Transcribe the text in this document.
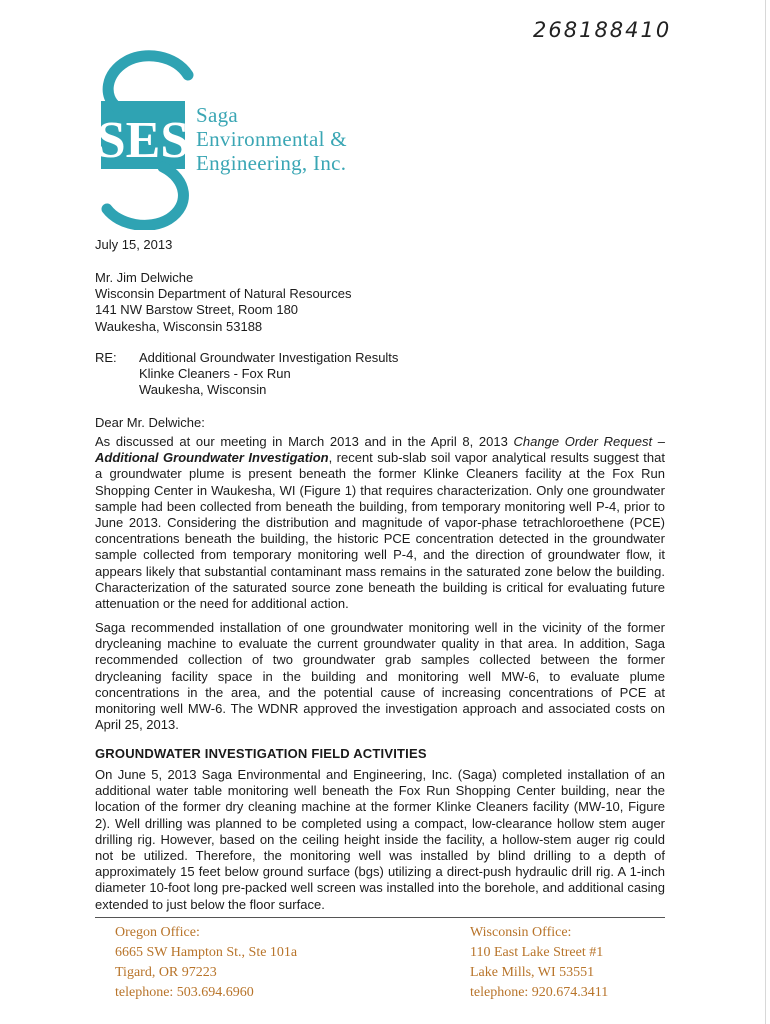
268188410
SES Saga
Environmental &
Engineering, Inc.
July 15, 2013
Mr. Jim Delwiche
Wisconsin Department of Natural Resources
141 NW Barstow Street, Room 180
Waukesha, Wisconsin 53188
RE: Additional Groundwater Investigation Results
Klinke Cleaners - Fox Run
Waukesha, Wisconsin
Dear Mr. Delwiche:

As discussed at our meeting in March 2013 and in the April 8, 2013 Change Order Request – Additional Groundwater Investigation, recent sub-slab soil vapor analytical results suggest that a groundwater plume is present beneath the former Klinke Cleaners facility at the Fox Run Shopping Center in Waukesha, WI (Figure 1) that requires characterization. Only one groundwater sample had been collected from beneath the building, from temporary monitoring well P-4, prior to June 2013. Considering the distribution and magnitude of vapor-phase tetrachloroethene (PCE) concentrations beneath the building, the historic PCE concentration detected in the groundwater sample collected from temporary monitoring well P-4, and the direction of groundwater flow, it appears likely that substantial contaminant mass remains in the saturated zone below the building. Characterization of the saturated source zone beneath the building is critical for evaluating future attenuation or the need for additional action.

Saga recommended installation of one groundwater monitoring well in the vicinity of the former drycleaning machine to evaluate the current groundwater quality in that area. In addition, Saga recommended collection of two groundwater grab samples collected between the former drycleaning facility space in the building and monitoring well MW-6, to evaluate plume concentrations in the area, and the potential cause of increasing concentrations of PCE at monitoring well MW-6. The WDNR approved the investigation approach and associated costs on April 25, 2013.

GROUNDWATER INVESTIGATION FIELD ACTIVITIES

On June 5, 2013 Saga Environmental and Engineering, Inc. (Saga) completed installation of an additional water table monitoring well beneath the Fox Run Shopping Center building, near the location of the former dry cleaning machine at the former Klinke Cleaners facility (MW-10, Figure 2). Well drilling was planned to be completed using a compact, low-clearance hollow stem auger drilling rig. However, based on the ceiling height inside the facility, a hollow-stem auger rig could not be utilized. Therefore, the monitoring well was installed by blind drilling to a depth of approximately 15 feet below ground surface (bgs) utilizing a direct-push hydraulic drill rig. A 1-inch diameter 10-foot long pre-packed well screen was installed into the borehole, and additional casing extended to just below the floor surface.

Oregon Office:
6665 SW Hampton St., Ste 101a
Tigard, OR 97223
telephone: 503.694.6960
Wisconsin Office:
110 East Lake Street #1
Lake Mills, WI 53551
telephone: 920.674.3411
